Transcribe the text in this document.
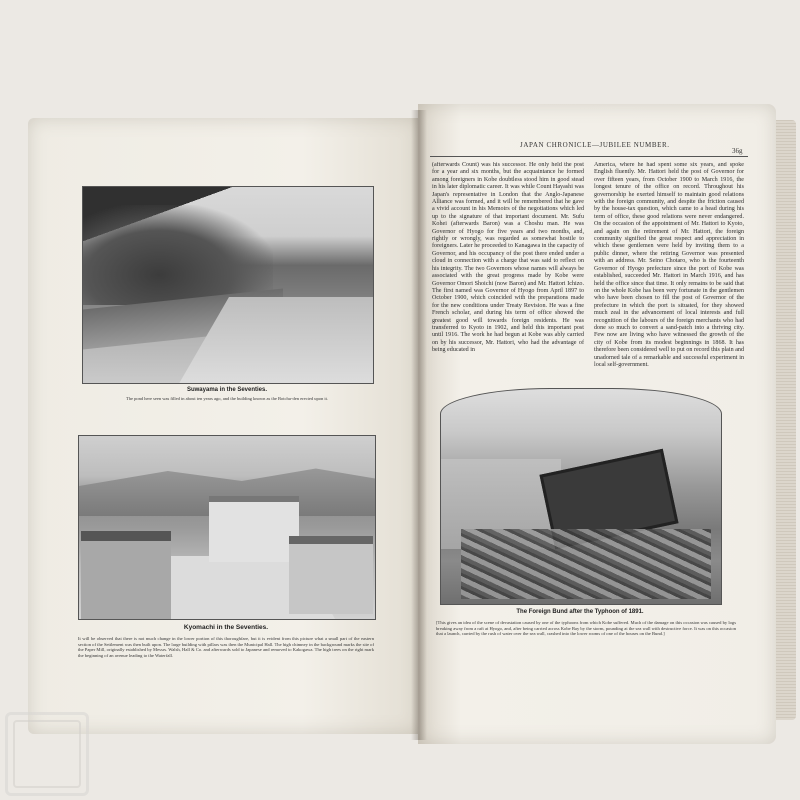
Suwayama in the Seventies.
The pond here seen was filled in about ten years ago, and the building known as the Botchu-den erected upon it.
Kyomachi in the Seventies.
It will be observed that there is not much change in the lower portion of this thoroughfare, but it is evident from this picture what a small part of the eastern section of the Settlement was then built upon. The large building with pillars was then the Municipal Hall. The high chimney in the background marks the site of the Paper Mill, originally established by Messrs. Walsh, Hall & Co. and afterwards sold to Japanese and removed to Kakogawa. The high trees on the right mark the beginning of an avenue leading to the Waterfall.
JAPAN CHRONICLE—JUBILEE NUMBER.
36g
(afterwards Count) was his successor. He only held the post for a year and six months, but the acquaintance he formed among foreigners in Kobe doubtless stood him in good stead in his later diplomatic career. It was while Count Hayashi was Japan's representative in London that the Anglo-Japanese Alliance was formed, and it will be remembered that he gave a vivid account in his Memoirs of the negotiations which led up to the signature of that important document. Mr. Sufu Kohei (afterwards Baron) was a Choshu man. He was Governor of Hyogo for five years and two months, and, rightly or wrongly, was regarded as somewhat hostile to foreigners. Later he proceeded to Kanagawa in the capacity of Governor, and his occupancy of the post there ended under a cloud in connection with a charge that was said to reflect on his integrity. The two Governors whose names will always be associated with the great progress made by Kobe were Governor Omori Shoichi (now Baron) and Mr. Hattori Ichizo. The first named was Governor of Hyogo from April 1897 to October 1900, which coincided with the preparations made for the new conditions under Treaty Revision. He was a fine French scholar, and during his term of office showed the greatest good will towards foreign residents. He was transferred to Kyoto in 1902, and held this important post until 1916. The work he had begun at Kobe was ably carried on by his successor, Mr. Hattori, who had the advantage of being educated in
America, where he had spent some six years, and spoke English fluently. Mr. Hattori held the post of Governor for over fifteen years, from October 1900 to March 1916, the longest tenure of the office on record. Throughout his governorship he exerted himself to maintain good relations with the foreign community, and despite the friction caused by the house-tax question, which came to a head during his term of office, these good relations were never endangered. On the occasion of the appointment of Mr. Hattori to Kyoto, and again on the retirement of Mr. Hattori, the foreign community signified the great respect and appreciation in which these gentlemen were held by inviting them to a public dinner, where the retiring Governor was presented with an address. Mr. Seino Chotaro, who is the fourteenth Governor of Hyogo prefecture since the port of Kobe was established, succeeded Mr. Hattori in March 1916, and has held the office since that time. It only remains to be said that on the whole Kobe has been very fortunate in the gentlemen who have been chosen to fill the post of Governor of the prefecture in which the port is situated, for they showed much zeal in the advancement of local interests and full recognition of the labours of the foreign merchants who had done so much to convert a sand-patch into a thriving city. Few now are living who have witnessed the growth of the city of Kobe from its modest beginnings in 1868. It has therefore been considered well to put on record this plain and unadorned tale of a remarkable and successful experiment in local self-government.
The Foreign Bund after the Typhoon of 1891.
[This gives an idea of the scene of devastation caused by one of the typhoons from which Kobe suffered. Much of the damage on this occasion was caused by logs breaking away from a raft at Hyogo, and, after being carried across Kobe Bay by the storm, pounding at the sea wall with destructive force. It was on this occasion that a launch, carried by the rush of water over the sea wall, crashed into the lower rooms of one of the houses on the Bund.]
